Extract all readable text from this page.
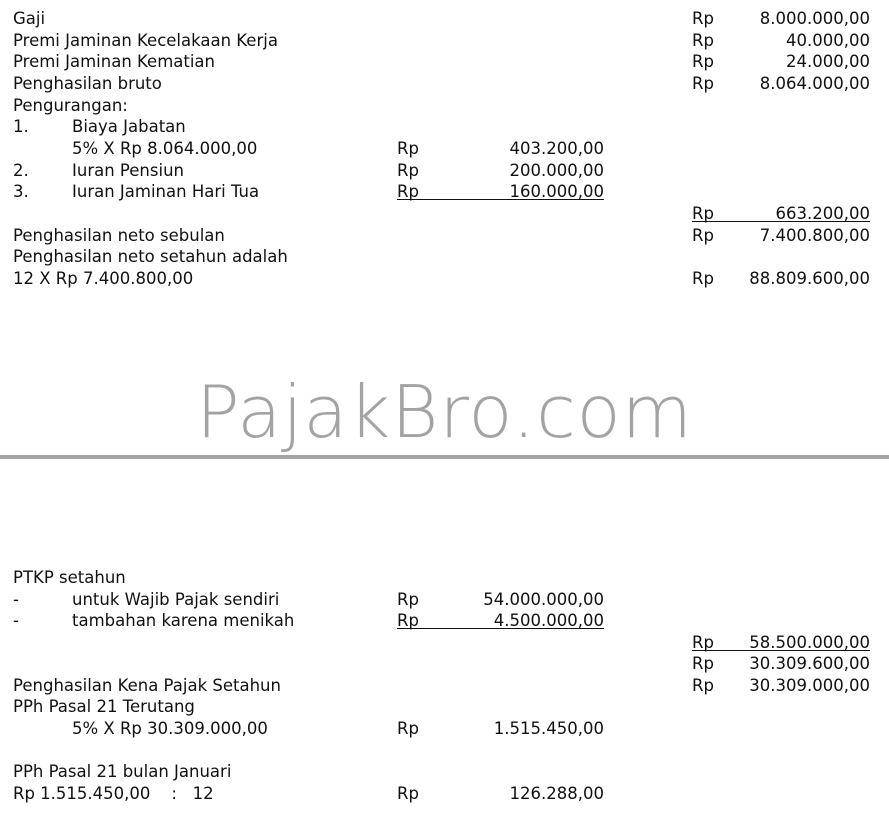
Gaji	Rp	8.000.000,00
Premi Jaminan Kecelakaan Kerja	Rp	40.000,00
Premi Jaminan Kematian	Rp	24.000,00
Penghasilan bruto	Rp	8.064.000,00
Pengurangan:
1.	Biaya Jabatan
5% X Rp 8.064.000,00	Rp	403.200,00
2.	Iuran Pensiun	Rp	200.000,00
3.	Iuran Jaminan Hari Tua	Rp	160.000,00
Rp	663.200,00
Penghasilan neto sebulan	Rp	7.400.800,00
Penghasilan neto setahun adalah
12 X Rp 7.400.800,00	Rp 88.809.600,00
PajakBro.com
PTKP setahun
-	untuk Wajib Pajak sendiri	Rp	54.000.000,00
-	tambahan karena menikah	Rp	4.500.000,00
Rp 58.500.000,00
Rp 30.309.600,00
Penghasilan Kena Pajak Setahun	Rp 30.309.000,00
PPh Pasal 21 Terutang
5% X Rp 30.309.000,00	Rp	1.515.450,00
PPh Pasal 21 bulan Januari
Rp 1.515.450,00    :   12	Rp	126.288,00
